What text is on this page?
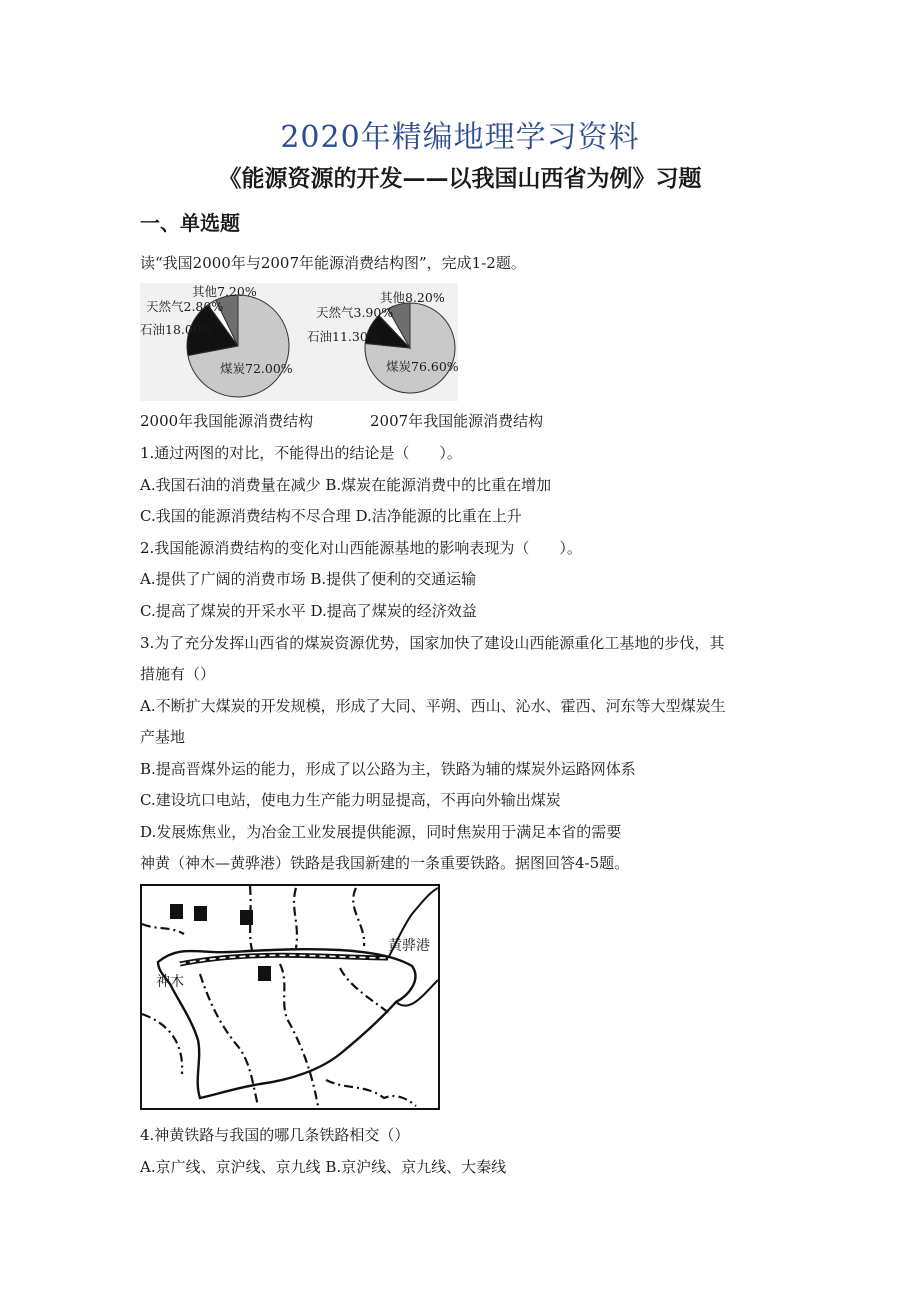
2020年精编地理学习资料
《能源资源的开发——以我国山西省为例》习题
一、单选题
读“我国2000年与2007年能源消费结构图”，完成1-2题。
其他7.20%
天然气2.80%
石油18.00%
煤炭72.00%
其他8.20%
天然气3.90%
石油11.30%
煤炭76.60%
2000年我国能源消费结构	2007年我国能源消费结构
1.通过两图的对比，不能得出的结论是（　　）。
A.我国石油的消费量在减少 B.煤炭在能源消费中的比重在增加
C.我国的能源消费结构不尽合理 D.洁净能源的比重在上升
2.我国能源消费结构的变化对山西能源基地的影响表现为（　　）。
A.提供了广阔的消费市场 B.提供了便利的交通运输
C.提高了煤炭的开采水平 D.提高了煤炭的经济效益
3.为了充分发挥山西省的煤炭资源优势，国家加快了建设山西能源重化工基地的步伐，其
措施有（）
A.不断扩大煤炭的开发规模，形成了大同、平朔、西山、沁水、霍西、河东等大型煤炭生
产基地
B.提高晋煤外运的能力，形成了以公路为主，铁路为辅的煤炭外运路网体系
C.建设坑口电站，使电力生产能力明显提高，不再向外输出煤炭
D.发展炼焦业，为冶金工业发展提供能源，同时焦炭用于满足本省的需要
神黄（神木—黄骅港）铁路是我国新建的一条重要铁路。据图回答4-5题。
神木
黄骅港
4.神黄铁路与我国的哪几条铁路相交（）
A.京广线、京沪线、京九线 B.京沪线、京九线、大秦线
